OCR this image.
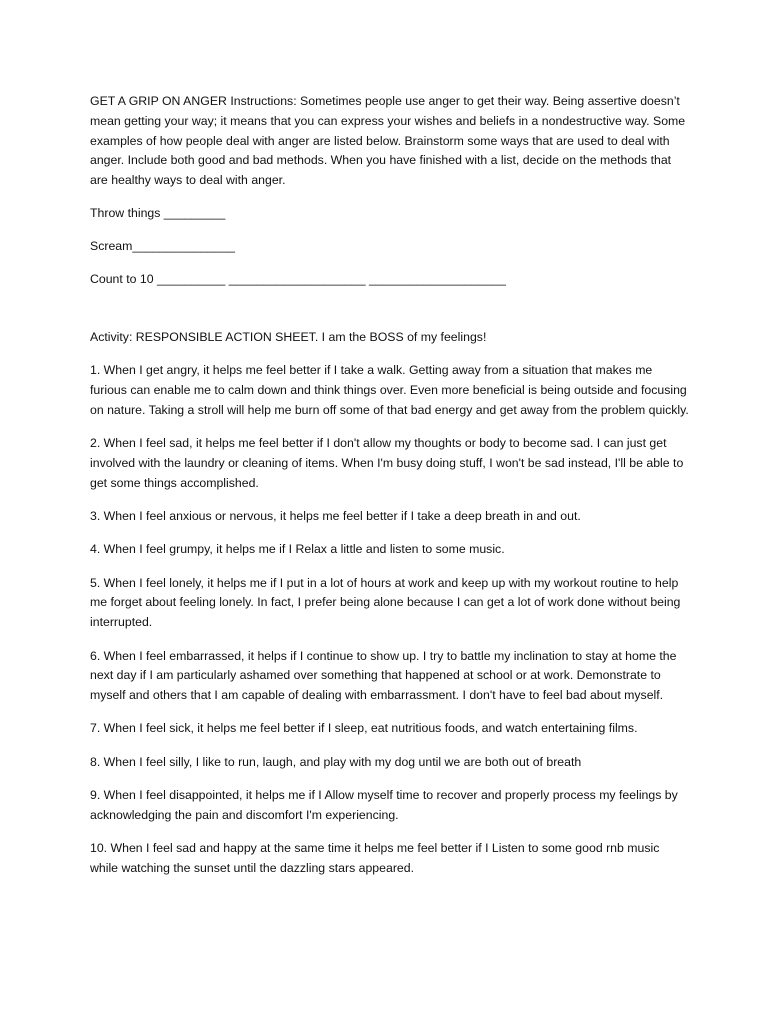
GET A GRIP ON ANGER Instructions: Sometimes people use anger to get their way. Being assertive doesn’t mean getting your way; it means that you can express your wishes and beliefs in a nondestructive way. Some examples of how people deal with anger are listed below. Brainstorm some ways that are used to deal with anger. Include both good and bad methods. When you have finished with a list, decide on the methods that are healthy ways to deal with anger.

Throw things _________

Scream_______________

Count to 10 __________ ____________________ ____________________

Activity: RESPONSIBLE ACTION SHEET. I am the BOSS of my feelings!

1. When I get angry, it helps me feel better if I take a walk. Getting away from a situation that makes me furious can enable me to calm down and think things over. Even more beneficial is being outside and focusing on nature. Taking a stroll will help me burn off some of that bad energy and get away from the problem quickly.

2. When I feel sad, it helps me feel better if I don't allow my thoughts or body to become sad. I can just get involved with the laundry or cleaning of items. When I'm busy doing stuff, I won't be sad instead, I'll be able to get some things accomplished.

3. When I feel anxious or nervous, it helps me feel better if I take a deep breath in and out.

4. When I feel grumpy, it helps me if I Relax a little and listen to some music.

5. When I feel lonely, it helps me if I put in a lot of hours at work and keep up with my workout routine to help me forget about feeling lonely. In fact, I prefer being alone because I can get a lot of work done without being interrupted.

6. When I feel embarrassed, it helps if I continue to show up. I try to battle my inclination to stay at home the next day if I am particularly ashamed over something that happened at school or at work. Demonstrate to myself and others that I am capable of dealing with embarrassment. I don't have to feel bad about myself.

7. When I feel sick, it helps me feel better if I sleep, eat nutritious foods, and watch entertaining films.

8. When I feel silly, I like to run, laugh, and play with my dog until we are both out of breath

9. When I feel disappointed, it helps me if I Allow myself time to recover and properly process my feelings by acknowledging the pain and discomfort I'm experiencing.

10. When I feel sad and happy at the same time it helps me feel better if I Listen to some good rnb music while watching the sunset until the dazzling stars appeared.
